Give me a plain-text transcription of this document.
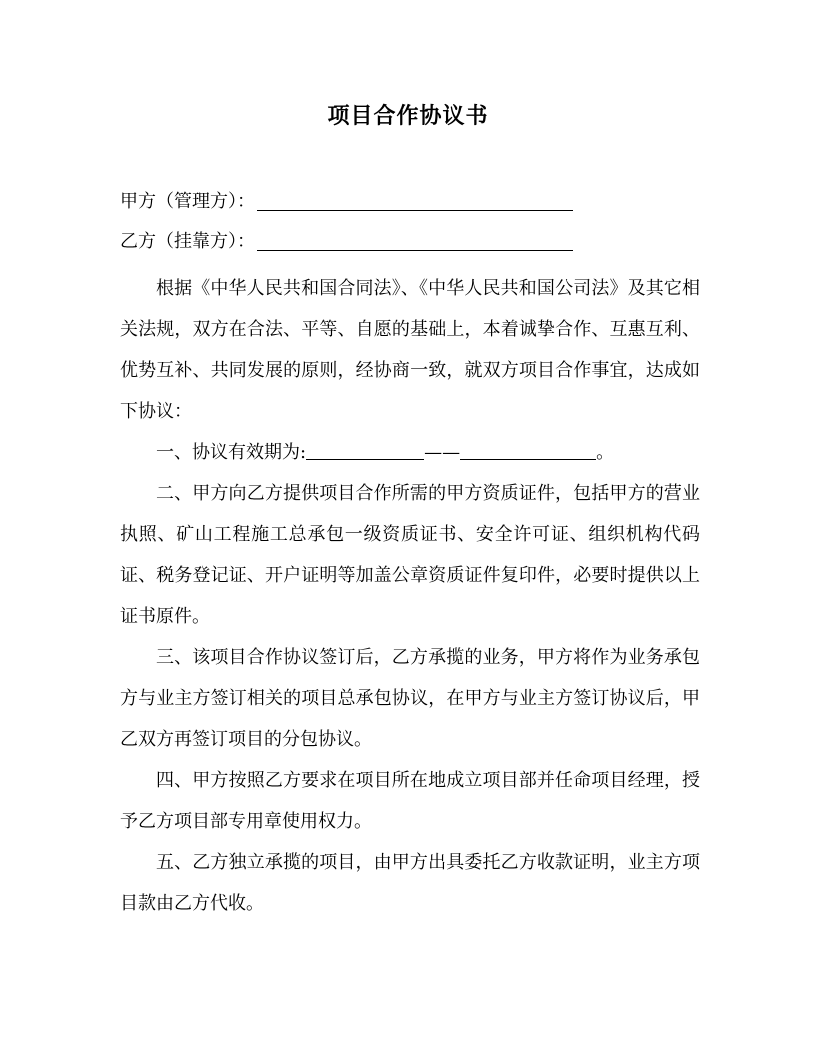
项目合作协议书
甲方（管理方）：
乙方（挂靠方）：

根据《中华人民共和国合同法》、《中华人民共和国公司法》及其它相关法规，双方在合法、平等、自愿的基础上，本着诚挚合作、互惠互利、优势互补、共同发展的原则，经协商一致，就双方项目合作事宜，达成如下协议：

一、协议有效期为:	——	。

二、甲方向乙方提供项目合作所需的甲方资质证件，包括甲方的营业执照、矿山工程施工总承包一级资质证书、安全许可证、组织机构代码证、税务登记证、开户证明等加盖公章资质证件复印件，必要时提供以上证书原件。

三、该项目合作协议签订后，乙方承揽的业务，甲方将作为业务承包方与业主方签订相关的项目总承包协议，在甲方与业主方签订协议后，甲乙双方再签订项目的分包协议。

四、甲方按照乙方要求在项目所在地成立项目部并任命项目经理，授予乙方项目部专用章使用权力。

五、乙方独立承揽的项目，由甲方出具委托乙方收款证明，业主方项目款由乙方代收。
